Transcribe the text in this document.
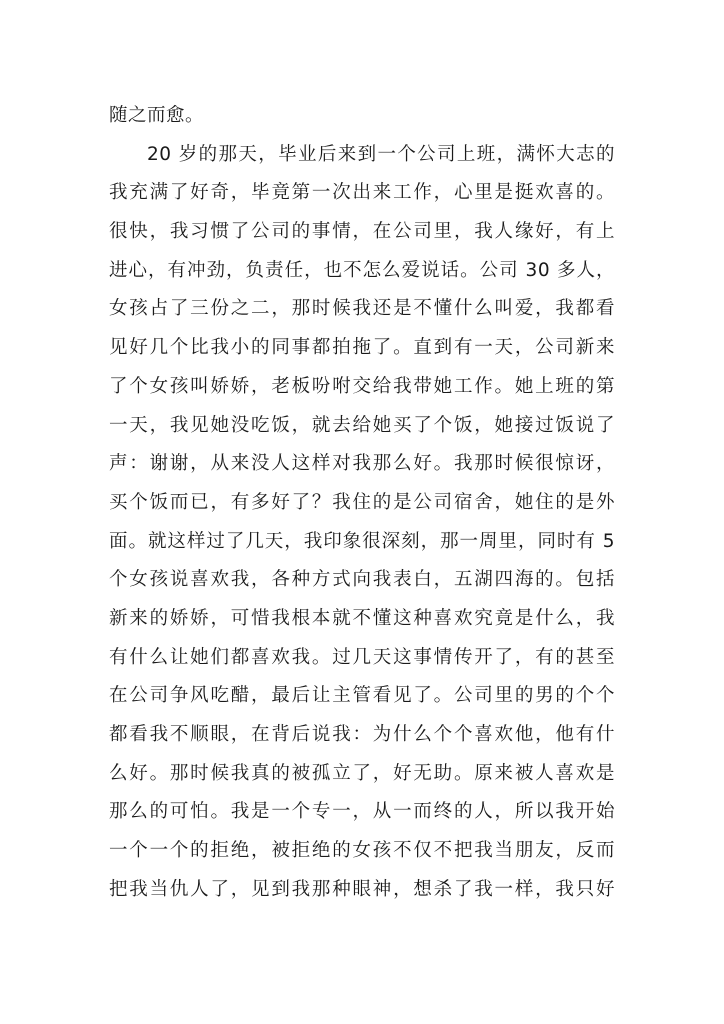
随之而愈。
20 岁的那天，毕业后来到一个公司上班，满怀大志的
我充满了好奇，毕竟第一次出来工作，心里是挺欢喜的。
很快，我习惯了公司的事情，在公司里，我人缘好，有上
进心，有冲劲，负责任，也不怎么爱说话。公司 30 多人，
女孩占了三份之二，那时候我还是不懂什么叫爱，我都看
见好几个比我小的同事都拍拖了。直到有一天，公司新来
了个女孩叫娇娇，老板吩咐交给我带她工作。她上班的第
一天，我见她没吃饭，就去给她买了个饭，她接过饭说了
声：谢谢，从来没人这样对我那么好。我那时候很惊讶，
买个饭而已，有多好了？我住的是公司宿舍，她住的是外
面。就这样过了几天，我印象很深刻，那一周里，同时有 5
个女孩说喜欢我，各种方式向我表白，五湖四海的。包括
新来的娇娇，可惜我根本就不懂这种喜欢究竟是什么，我
有什么让她们都喜欢我。过几天这事情传开了，有的甚至
在公司争风吃醋，最后让主管看见了。公司里的男的个个
都看我不顺眼，在背后说我：为什么个个喜欢他，他有什
么好。那时候我真的被孤立了，好无助。原来被人喜欢是
那么的可怕。我是一个专一，从一而终的人，所以我开始
一个一个的拒绝，被拒绝的女孩不仅不把我当朋友，反而
把我当仇人了，见到我那种眼神，想杀了我一样，我只好
